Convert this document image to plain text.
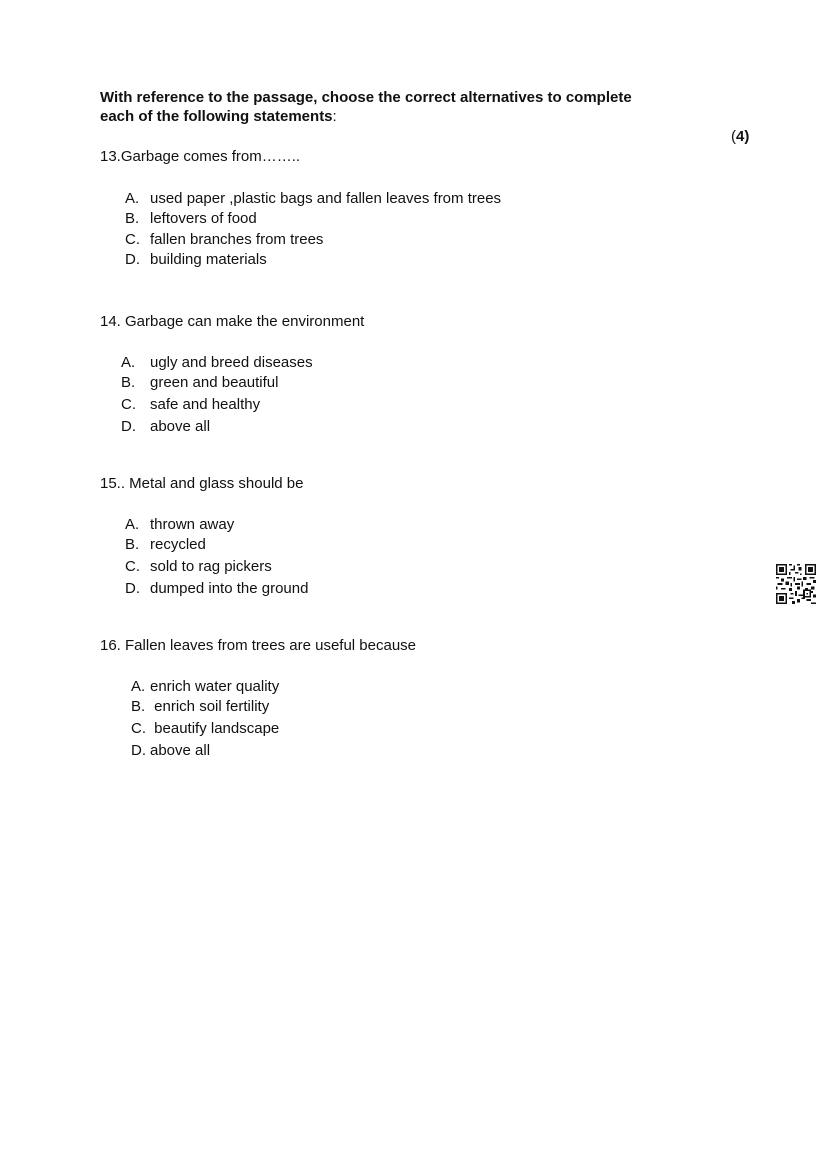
With reference to the passage, choose the correct alternatives to complete
each of the following statements:
(4)
13.Garbage comes from……..
A. used paper ,plastic bags and fallen leaves from trees
B. leftovers of food
C. fallen branches from trees
D. building materials
14. Garbage can make the environment
A. ugly and breed diseases
B. green and beautiful
C. safe and healthy
D. above all
15.. Metal and glass should be
A. thrown away
B. recycled
C. sold to rag pickers
D. dumped into the ground
16. Fallen leaves from trees are useful because
A. enrich water quality
B. enrich soil fertility
C. beautify landscape
D. above all
